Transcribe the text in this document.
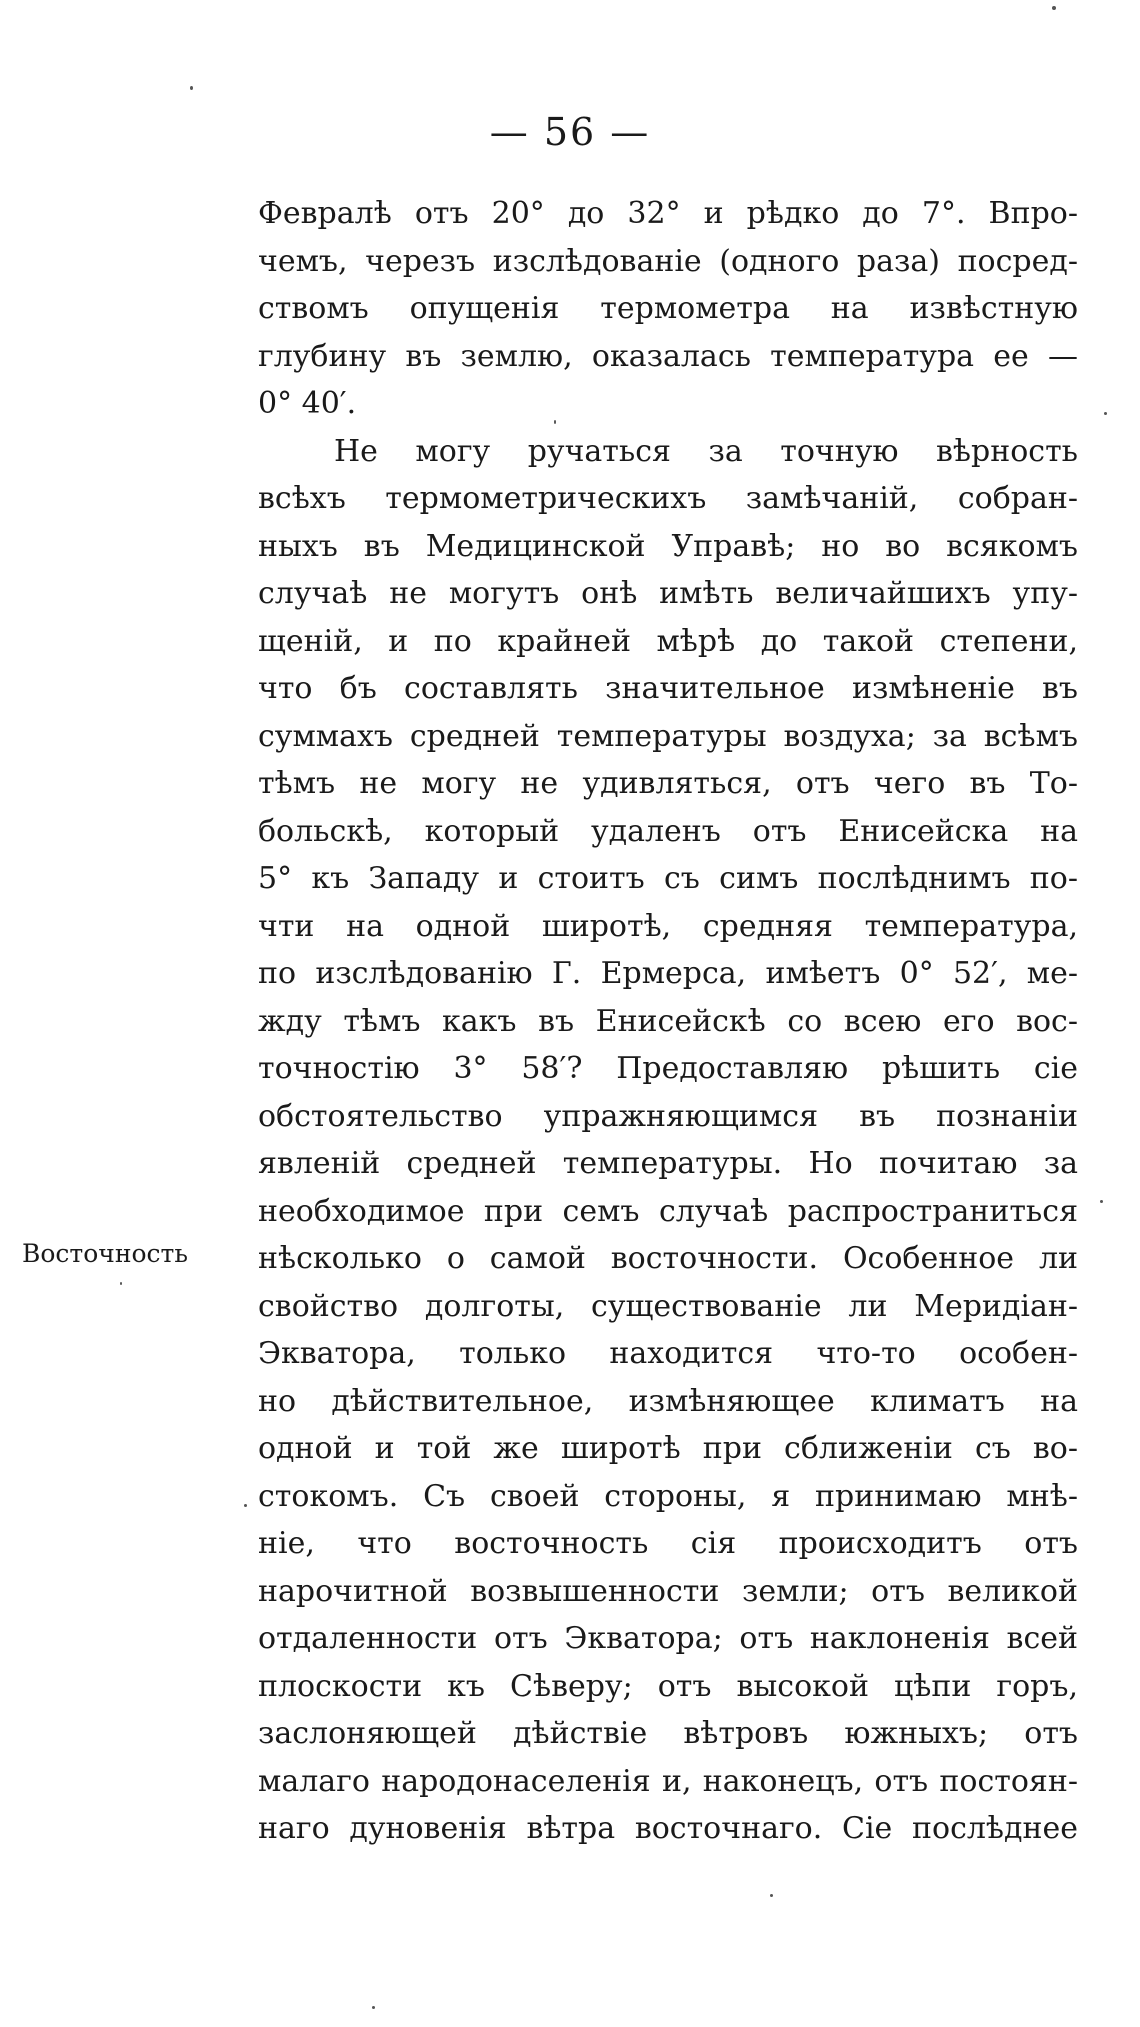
— 56 —
Восточность
Февралѣ отъ 20° до 32° и рѣдко до 7°. Впро-
чемъ, черезъ изслѣдованіе (одного раза) посред-
ствомъ опущенія термометра на извѣстную
глубину въ землю, оказалась температура ее —
0° 40′.
Не могу ручаться за точную вѣрность
всѣхъ термометрическихъ замѣчаній, собран-
ныхъ въ Медицинской Управѣ; но во всякомъ
случаѣ не могутъ онѣ имѣть величайшихъ упу-
щеній, и по крайней мѣрѣ до такой степени,
что бъ составлять значительное измѣненіе въ
суммахъ средней температуры воздуха; за всѣмъ
тѣмъ не могу не удивляться, отъ чего въ То-
больскѣ, который удаленъ отъ Енисейска на
5° къ Западу и стоитъ съ симъ послѣднимъ по-
чти на одной широтѣ, средняя температура,
по изслѣдованію Г. Ермерса, имѣетъ 0° 52′, ме-
жду тѣмъ какъ въ Енисейскѣ со всею его вос-
точностію 3° 58′? Предоставляю рѣшить сіе
обстоятельство упражняющимся въ познаніи
явленій средней температуры. Но почитаю за
необходимое при семъ случаѣ распространиться
нѣсколько о самой восточности. Особенное ли
свойство долготы, существованіе ли Меридіан-
Экватора, только находится что-то особен-
но дѣйствительное, измѣняющее климатъ на
одной и той же широтѣ при сближеніи съ во-
стокомъ. Съ своей стороны, я принимаю мнѣ-
ніе, что восточность сія происходитъ отъ
нарочитной возвышенности земли; отъ великой
отдаленности отъ Экватора; отъ наклоненія всей
плоскости къ Сѣверу; отъ высокой цѣпи горъ,
заслоняющей дѣйствіе вѣтровъ южныхъ; отъ
малаго народонаселенія и, наконецъ, отъ постоян-
наго дуновенія вѣтра восточнаго. Сіе послѣднее
